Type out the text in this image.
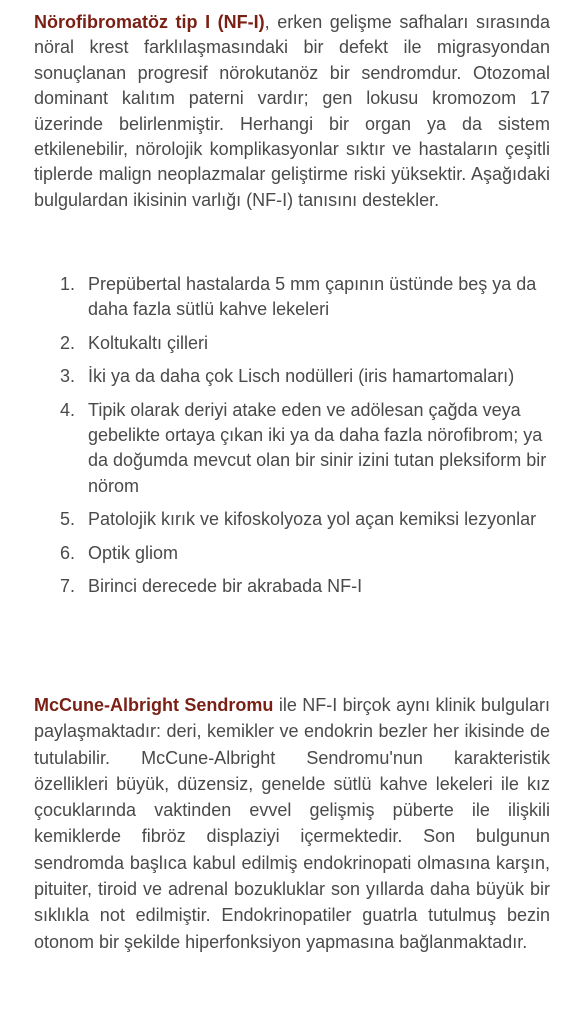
Nörofibromatöz tip I (NF-I), erken gelişme safhaları sırasında nöral krest farklılaşmasındaki bir defekt ile migrasyondan sonuçlanan progresif nörokutanöz bir sendromdur. Otozomal dominant kalıtım paterni vardır; gen lokusu kromozom 17 üzerinde belirlenmiştir. Herhangi bir organ ya da sistem etkilenebilir, nörolojik komplikasyonlar sıktır ve hastaların çeşitli tiplerde malign neoplazmalar geliştirme riski yüksektir. Aşağıdaki bulgulardan ikisinin varlığı (NF-I) tanısını destekler.

1. Prepübertal hastalarda 5 mm çapının üstünde beş ya da daha fazla sütlü kahve lekeleri
2. Koltukaltı çilleri
3. İki ya da daha çok Lisch nodülleri (iris hamartomaları)
4. Tipik olarak deriyi atake eden ve adölesan çağda veya gebelikte ortaya çıkan iki ya da daha fazla nörofibrom; ya da doğumda mevcut olan bir sinir izini tutan pleksiform bir nörom
5. Patolojik kırık ve kifoskolyoza yol açan kemiksi lezyonlar
6. Optik gliom
7. Birinci derecede bir akrabada NF-I

McCune-Albright Sendromu ile NF-I birçok aynı klinik bulguları paylaşmaktadır: deri, kemikler ve endokrin bezler her ikisinde de tutulabilir. McCune-Albright Sendromu'nun karakteristik özellikleri büyük, düzensiz, genelde sütlü kahve lekeleri ile kız çocuklarında vaktinden evvel gelişmiş püberte ile ilişkili kemiklerde fibröz displaziyi içermektedir. Son bulgunun sendromda başlıca kabul edilmiş endokrinopati olmasına karşın, pituiter, tiroid ve adrenal bozukluklar son yıllarda daha büyük bir sıklıkla not edilmiştir. Endokrinopatiler guatrla tutulmuş bezin otonom bir şekilde hiperfonksiyon yapmasına bağlanmaktadır.
